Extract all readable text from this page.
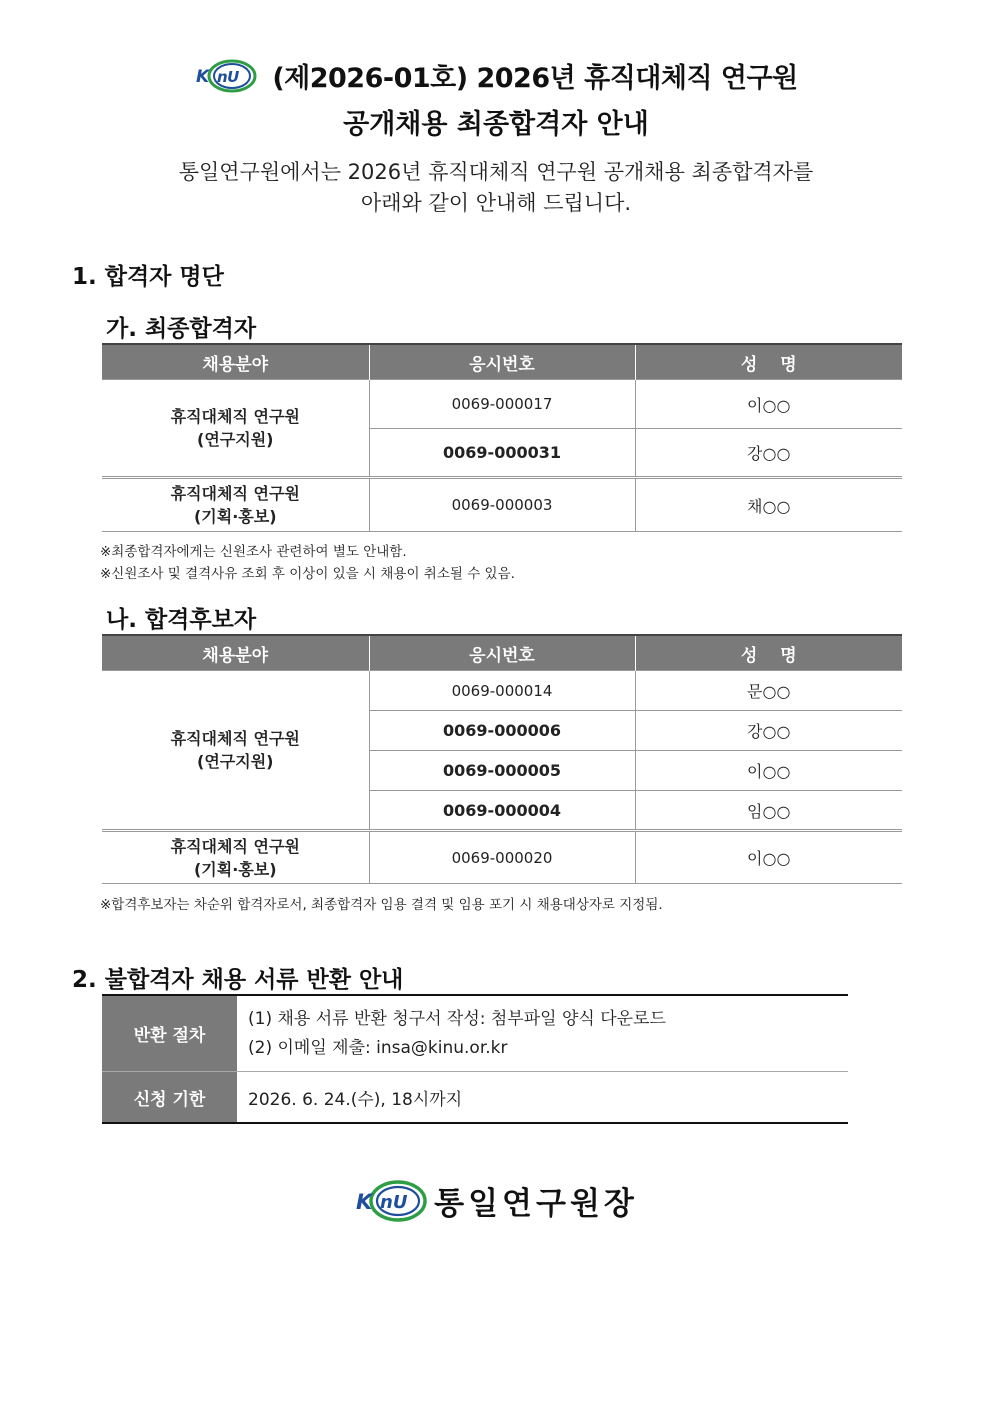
K nU (제2026-01호) 2026년 휴직대체직 연구원
공개채용 최종합격자 안내
통일연구원에서는 2026년 휴직대체직 연구원 공개채용 최종합격자를
아래와 같이 안내해 드립니다.
1. 합격자 명단
가. 최종합격자
채용분야	응시번호	성　 명

휴직대체직 연구원
(연구지원)	0069-000017	이○○
	0069-000031	강○○

휴직대체직 연구원
(기획·홍보)	0069-000003	채○○
※최종합격자에게는 신원조사 관련하여 별도 안내함.
※신원조사 및 결격사유 조회 후 이상이 있을 시 채용이 취소될 수 있음.
나. 합격후보자
채용분야	응시번호	성　 명

휴직대체직 연구원
(연구지원)	0069-000014	문○○
	0069-000006	강○○
	0069-000005	이○○
	0069-000004	임○○

휴직대체직 연구원
(기획·홍보)	0069-000020	이○○
※합격후보자는 차순위 합격자로서, 최종합격자 임용 결격 및 임용 포기 시 채용대상자로 지정됨.
2. 불합격자 채용 서류 반환 안내
반환 절차	(1) 채용 서류 반환 청구서 작성: 첨부파일 양식 다운로드
(2) 이메일 제출: insa@kinu.or.kr

신청 기한	2026. 6. 24.(수), 18시까지
K nU 통일연구원장
